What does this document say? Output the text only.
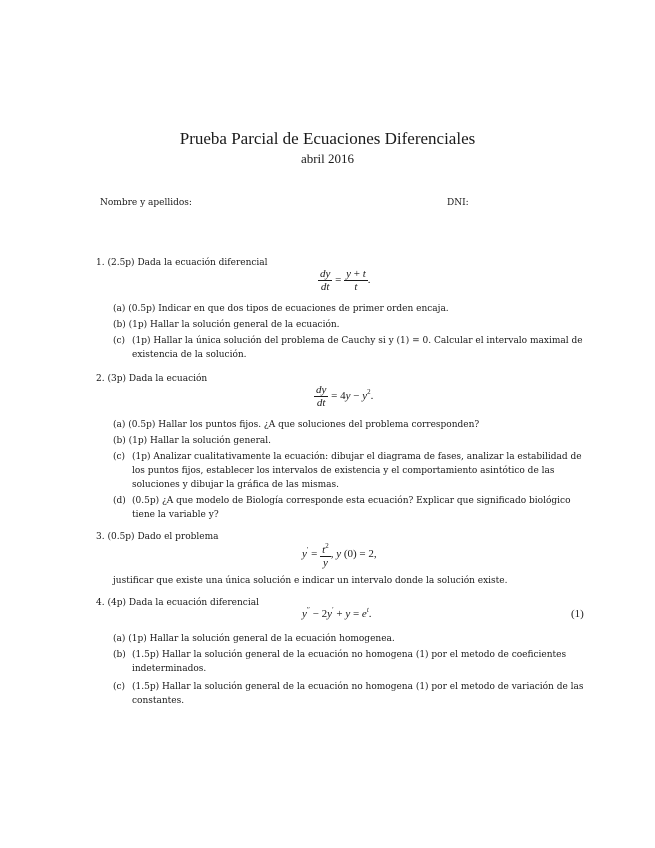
Prueba Parcial de Ecuaciones Diferenciales
abril 2016
Nombre y apellidos:	DNI:
1. (2.5p) Dada la ecuación diferencial
$\frac{dy}{dt} = \frac{y + t}{t}$ .
(a) (0.5p) Indicar en que dos tipos de ecuaciones de primer orden encaja.
(b) (1p) Hallar la solución general de la ecuación.
(c) (1p) Hallar la única solución del problema de Cauchy si y (1) = 0. Calcular el intervalo maximal de existencia de la solución.
2. (3p) Dada la ecuación
$\frac{dy}{dt} = 4y - y^2$.
(a) (0.5p) Hallar los puntos fijos. ¿A que soluciones del problema corresponden?
(b) (1p) Hallar la solución general.
(c) (1p) Analizar cualitativamente la ecuación: dibujar el diagrama de fases, analizar la estabilidad de los puntos fijos, establecer los intervalos de existencia y el comportamiento asintótico de las soluciones y dibujar la gráfica de las mismas.
(d) (0.5p) ¿A que modelo de Biología corresponde esta ecuación? Explicar que significado biológico tiene la variable y?
3. (0.5p) Dado el problema
$y' = \frac{t^2}{y}$ , y (0) = 2,
justificar que existe una única solución e indicar un intervalo donde la solución existe.
4. (4p) Dada la ecuación diferencial
$y'' - 2y' + y = e^t$.	(1)
(a) (1p) Hallar la solución general de la ecuación homogenea.
(b) (1.5p) Hallar la solución general de la ecuación no homogena (1) por el metodo de coeficientes indeterminados.
(c) (1.5p) Hallar la solución general de la ecuación no homogena (1) por el metodo de variación de las constantes.
